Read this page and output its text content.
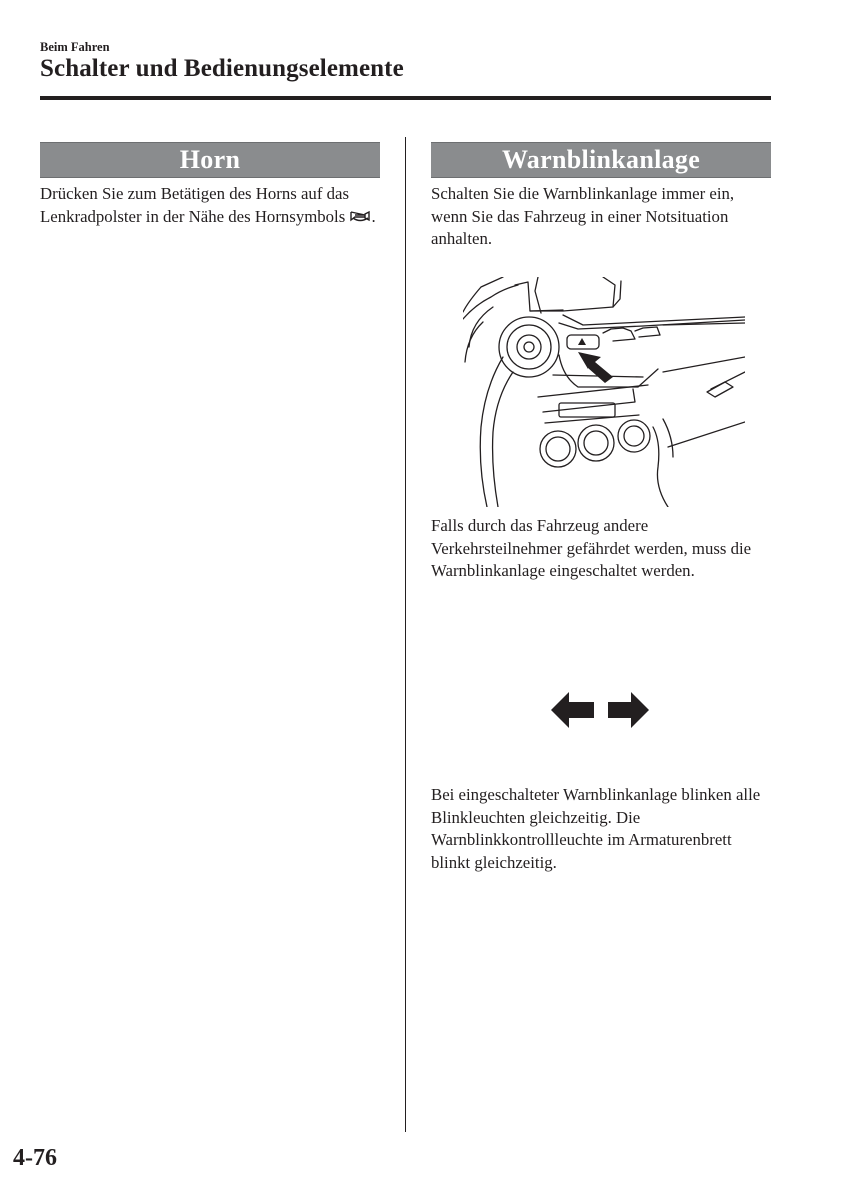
Beim Fahren
Schalter und Bedienungselemente
Horn

Drücken Sie zum Betätigen des Horns auf das Lenkradpolster in der Nähe des Hornsymbols .

Warnblinkanlage

Schalten Sie die Warnblinkanlage immer ein, wenn Sie das Fahrzeug in einer Notsituation anhalten.

Falls durch das Fahrzeug andere Verkehrsteilnehmer gefährdet werden, muss die Warnblinkanlage eingeschaltet werden.

Bei eingeschalteter Warnblinkanlage blinken alle Blinkleuchten gleichzeitig. Die Warnblinkkontrollleuchte im Armaturenbrett blinkt gleichzeitig.

4-76
